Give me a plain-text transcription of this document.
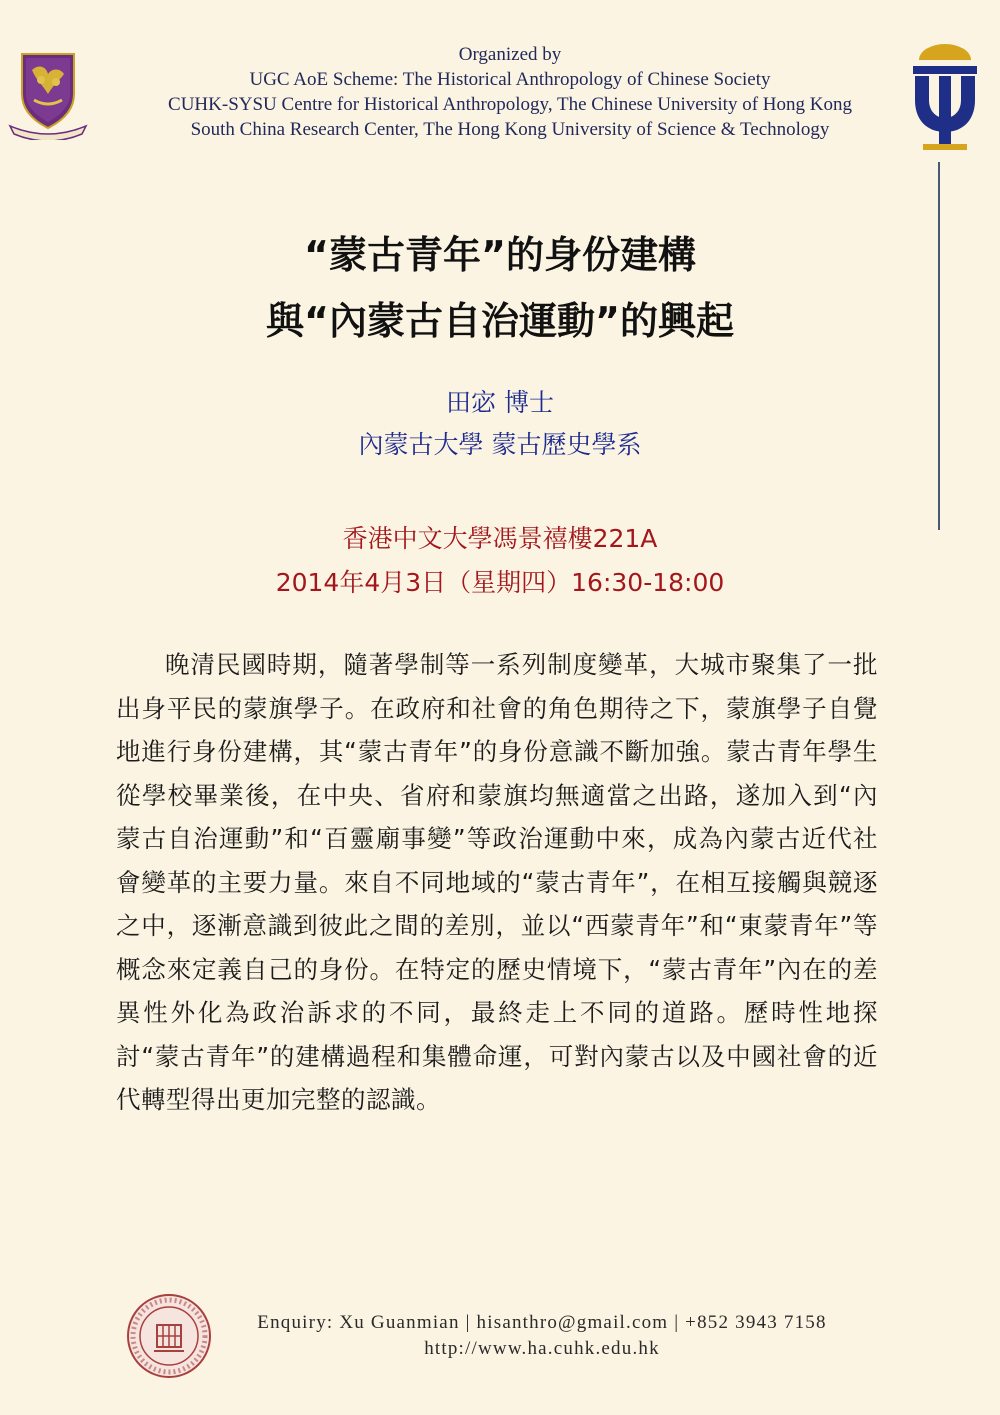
Organized by
UGC AoE Scheme: The Historical Anthropology of Chinese Society
CUHK-SYSU Centre for Historical Anthropology, The Chinese University of Hong Kong
South China Research Center, The Hong Kong University of Science & Technology
“蒙古青年”的身份建構
與“內蒙古自治運動”的興起
田宓 博士
內蒙古大學 蒙古歷史學系
香港中文大學馮景禧樓221A
2014年4月3日（星期四）16:30-18:00
晚清民國時期，隨著學制等一系列制度變革，大城市聚集了一批出身平民的蒙旗學子。在政府和社會的角色期待之下，蒙旗學子自覺地進行身份建構，其“蒙古青年”的身份意識不斷加強。蒙古青年學生從學校畢業後，在中央、省府和蒙旗均無適當之出路，遂加入到“內蒙古自治運動”和“百靈廟事變”等政治運動中來，成為內蒙古近代社會變革的主要力量。來自不同地域的“蒙古青年”，在相互接觸與競逐之中，逐漸意識到彼此之間的差別，並以“西蒙青年”和“東蒙青年”等概念來定義自己的身份。在特定的歷史情境下，“蒙古青年”內在的差異性外化為政治訴求的不同，最終走上不同的道路。歷時性地探討“蒙古青年”的建構過程和集體命運，可對內蒙古以及中國社會的近代轉型得出更加完整的認識。
Enquiry: Xu Guanmian | hisanthro@gmail.com | +852 3943 7158
http://www.ha.cuhk.edu.hk
